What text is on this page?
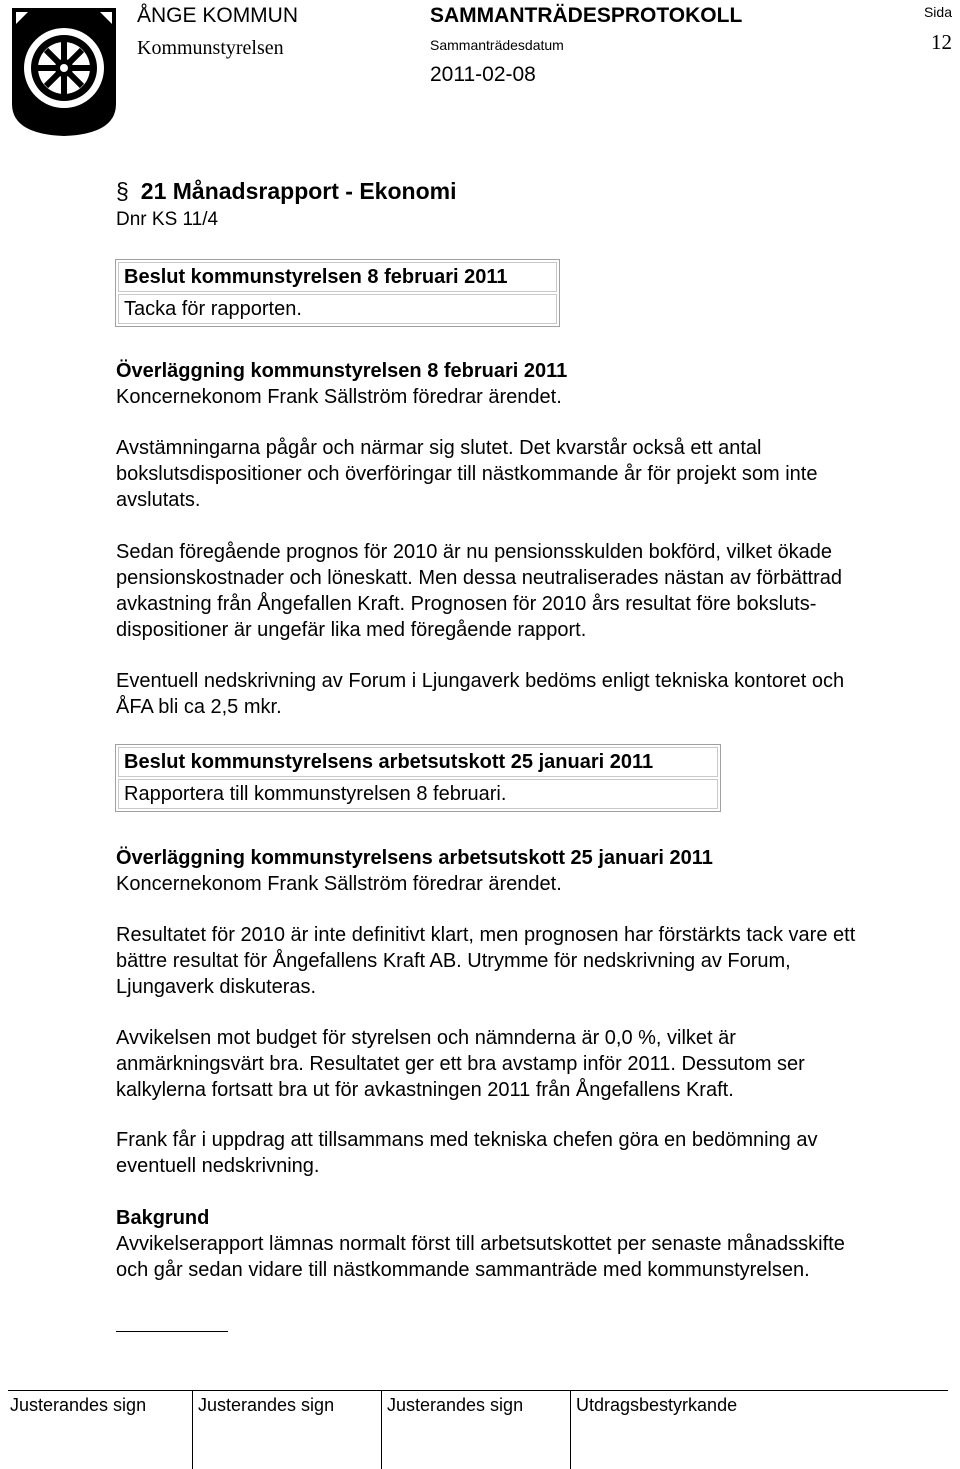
ÅNGE KOMMUN
Kommunstyrelsen
SAMMANTRÄDESPROTOKOLL
Sammanträdesdatum
2011-02-08
Sida
12
§ 21 Månadsrapport - Ekonomi
Dnr KS 11/4
Beslut kommunstyrelsen 8 februari 2011
Tacka för rapporten.
Överläggning kommunstyrelsen 8 februari 2011
Koncernekonom Frank Sällström föredrar ärendet.
Avstämningarna pågår och närmar sig slutet. Det kvarstår också ett antal
bokslutsdispositioner och överföringar till nästkommande år för projekt som inte
avslutats.
Sedan föregående prognos för 2010 är nu pensionsskulden bokförd, vilket ökade
pensionskostnader och löneskatt. Men dessa neutraliserades nästan av förbättrad
avkastning från Ångefallen Kraft. Prognosen för 2010 års resultat före boksluts-
dispositioner är ungefär lika med föregående rapport.
Eventuell nedskrivning av Forum i Ljungaverk bedöms enligt tekniska kontoret och
ÅFA bli ca 2,5 mkr.
Beslut kommunstyrelsens arbetsutskott 25 januari 2011
Rapportera till kommunstyrelsen 8 februari.
Överläggning kommunstyrelsens arbetsutskott 25 januari 2011
Koncernekonom Frank Sällström föredrar ärendet.
Resultatet för 2010 är inte definitivt klart, men prognosen har förstärkts tack vare ett
bättre resultat för Ångefallens Kraft AB. Utrymme för nedskrivning av Forum,
Ljungaverk diskuteras.
Avvikelsen mot budget för styrelsen och nämnderna är 0,0 %, vilket är
anmärkningsvärt bra. Resultatet ger ett bra avstamp inför 2011. Dessutom ser
kalkylerna fortsatt bra ut för avkastningen 2011 från Ångefallens Kraft.
Frank får i uppdrag att tillsammans med tekniska chefen göra en bedömning av
eventuell nedskrivning.
Bakgrund
Avvikelserapport lämnas normalt först till arbetsutskottet per senaste månadsskifte
och går sedan vidare till nästkommande sammanträde med kommunstyrelsen.
Justerandes sign	Justerandes sign	Justerandes sign	Utdragsbestyrkande
